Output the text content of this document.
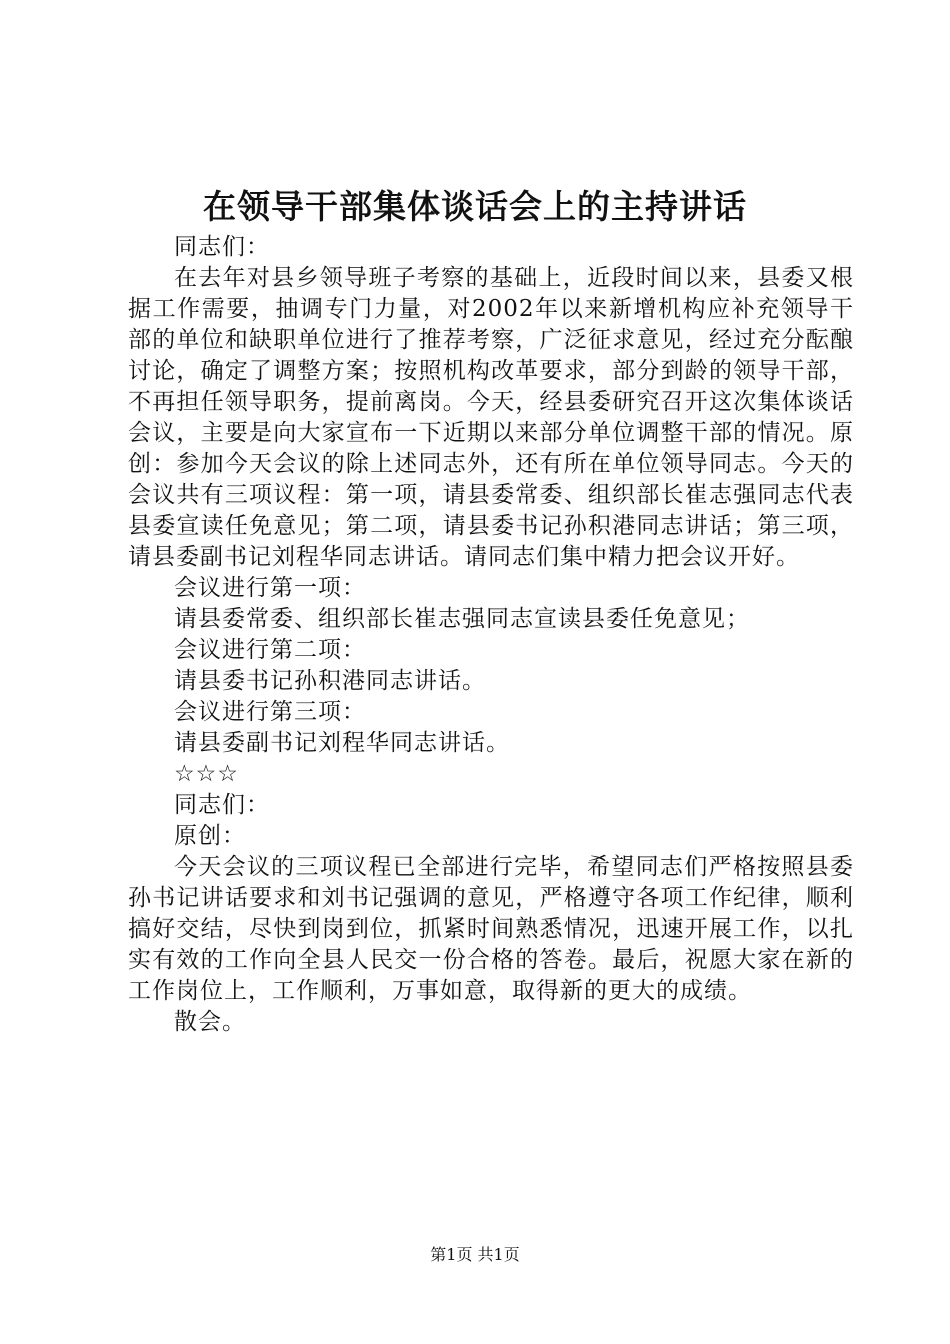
在领导干部集体谈话会上的主持讲话

同志们：

在去年对县乡领导班子考察的基础上，近段时间以来，县委又根据工作需要，抽调专门力量，对2002年以来新增机构应补充领导干部的单位和缺职单位进行了推荐考察，广泛征求意见，经过充分酝酿讨论，确定了调整方案；按照机构改革要求，部分到龄的领导干部，不再担任领导职务，提前离岗。今天，经县委研究召开这次集体谈话会议，主要是向大家宣布一下近期以来部分单位调整干部的情况。原创：参加今天会议的除上述同志外，还有所在单位领导同志。今天的会议共有三项议程：第一项，请县委常委、组织部长崔志强同志代表县委宣读任免意见；第二项，请县委书记孙积港同志讲话；第三项，请县委副书记刘程华同志讲话。请同志们集中精力把会议开好。

会议进行第一项：

请县委常委、组织部长崔志强同志宣读县委任免意见；

会议进行第二项：

请县委书记孙积港同志讲话。

会议进行第三项：

请县委副书记刘程华同志讲话。

☆☆☆

同志们：

原创：

今天会议的三项议程已全部进行完毕，希望同志们严格按照县委孙书记讲话要求和刘书记强调的意见，严格遵守各项工作纪律，顺利搞好交结，尽快到岗到位，抓紧时间熟悉情况，迅速开展工作，以扎实有效的工作向全县人民交一份合格的答卷。最后，祝愿大家在新的工作岗位上，工作顺利，万事如意，取得新的更大的成绩。

散会。

第1页 共1页
